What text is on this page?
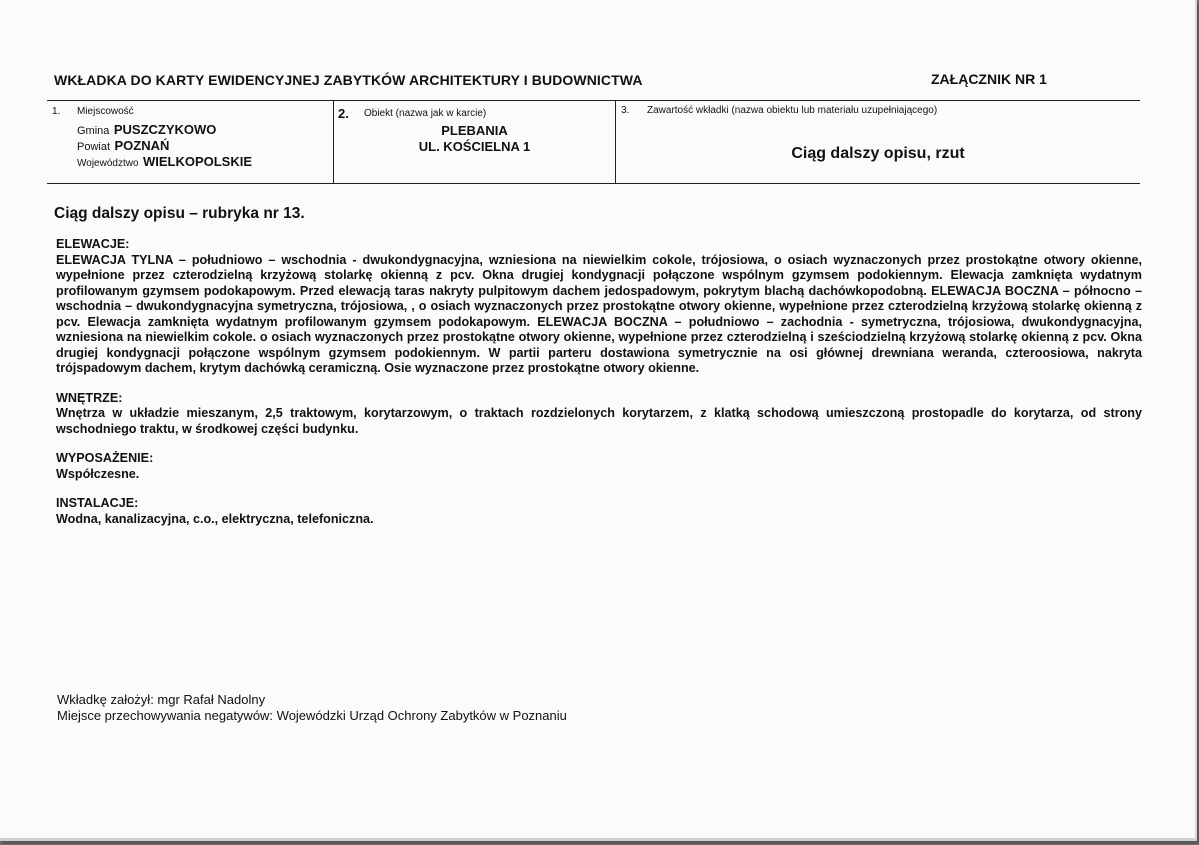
WKŁADKA DO KARTY EWIDENCYJNEJ ZABYTKÓW ARCHITEKTURY I BUDOWNICTWA	ZAŁĄCZNIK NR 1
1. Miejscowość
Gmina PUSZCZYKOWO
Powiat POZNAŃ
Województwo WIELKOPOLSKIE
2. Obiekt (nazwa jak w karcie)
PLEBANIA
UL. KOŚCIELNA 1
3. Zawartość wkładki (nazwa obiektu lub materiału uzupełniającego)
Ciąg dalszy opisu, rzut
Ciąg dalszy opisu – rubryka nr 13.
ELEWACJE:

ELEWACJA TYLNA – południowo – wschodnia - dwukondygnacyjna, wzniesiona na niewielkim cokole, trójosiowa, o osiach wyznaczonych przez prostokątne otwory okienne, wypełnione przez czterodzielną krzyżową stolarkę okienną z pcv. Okna drugiej kondygnacji połączone wspólnym gzymsem podokiennym. Elewacja zamknięta wydatnym profilowanym gzymsem podokapowym. Przed elewacją taras nakryty pulpitowym dachem jedospadowym, pokrytym blachą dachówkopodobną. ELEWACJA BOCZNA – północno – wschodnia – dwukondygnacyjna symetryczna, trójosiowa, , o osiach wyznaczonych przez prostokątne otwory okienne, wypełnione przez czterodzielną krzyżową stolarkę okienną z pcv. Elewacja zamknięta wydatnym profilowanym gzymsem podokapowym. ELEWACJA BOCZNA – południowo – zachodnia - symetryczna, trójosiowa, dwukondygnacyjna, wzniesiona na niewielkim cokole. o osiach wyznaczonych przez prostokątne otwory okienne, wypełnione przez czterodzielną i sześciodzielną krzyżową stolarkę okienną z pcv. Okna drugiej kondygnacji połączone wspólnym gzymsem podokiennym. W partii parteru dostawiona symetrycznie na osi głównej drewniana weranda, czteroosiowa, nakryta trójspadowym dachem, krytym dachówką ceramiczną. Osie wyznaczone przez prostokątne otwory okienne.

WNĘTRZE:

Wnętrza w układzie mieszanym, 2,5 traktowym, korytarzowym, o traktach rozdzielonych korytarzem, z klatką schodową umieszczoną prostopadle do korytarza, od strony wschodniego traktu, w środkowej części budynku.

WYPOSAŻENIE:

Współczesne.

INSTALACJE:

Wodna, kanalizacyjna, c.o., elektryczna, telefoniczna.

Wkładkę założył: mgr Rafał Nadolny
Miejsce przechowywania negatywów: Wojewódzki Urząd Ochrony Zabytków w Poznaniu
